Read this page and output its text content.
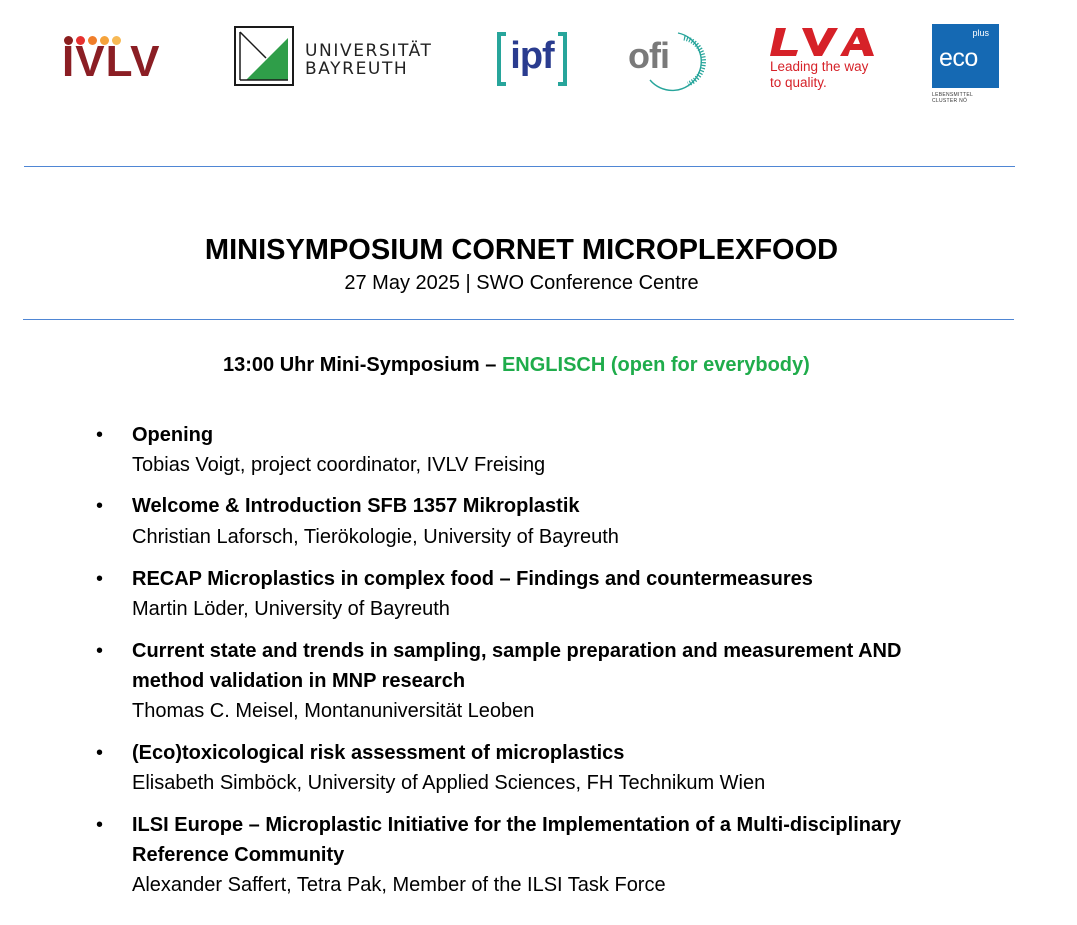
IVLV	UNIVERSITÄT
BAYREUTH	ipf ofi	Leading the way
to quality.
plus
eco
LEBENSMITTEL
CLUSTER NÖ
MINISYMPOSIUM CORNET MICROPLEXFOOD
27 May 2025 | SWO Conference Centre
13:00 Uhr Mini-Symposium – ENGLISCH (open for everybody)
• Opening
Tobias Voigt, project coordinator, IVLV Freising
• Welcome & Introduction SFB 1357 Mikroplastik
Christian Laforsch, Tierökologie, University of Bayreuth
• RECAP Microplastics in complex food – Findings and countermeasures
Martin Löder, University of Bayreuth
• Current state and trends in sampling, sample preparation and measurement AND
method validation in MNP research
Thomas C. Meisel, Montanuniversität Leoben
• (Eco)toxicological risk assessment of microplastics
Elisabeth Simböck, University of Applied Sciences, FH Technikum Wien
• ILSI Europe – Microplastic Initiative for the Implementation of a Multi-disciplinary
Reference Community
Alexander Saffert, Tetra Pak, Member of the ILSI Task Force
